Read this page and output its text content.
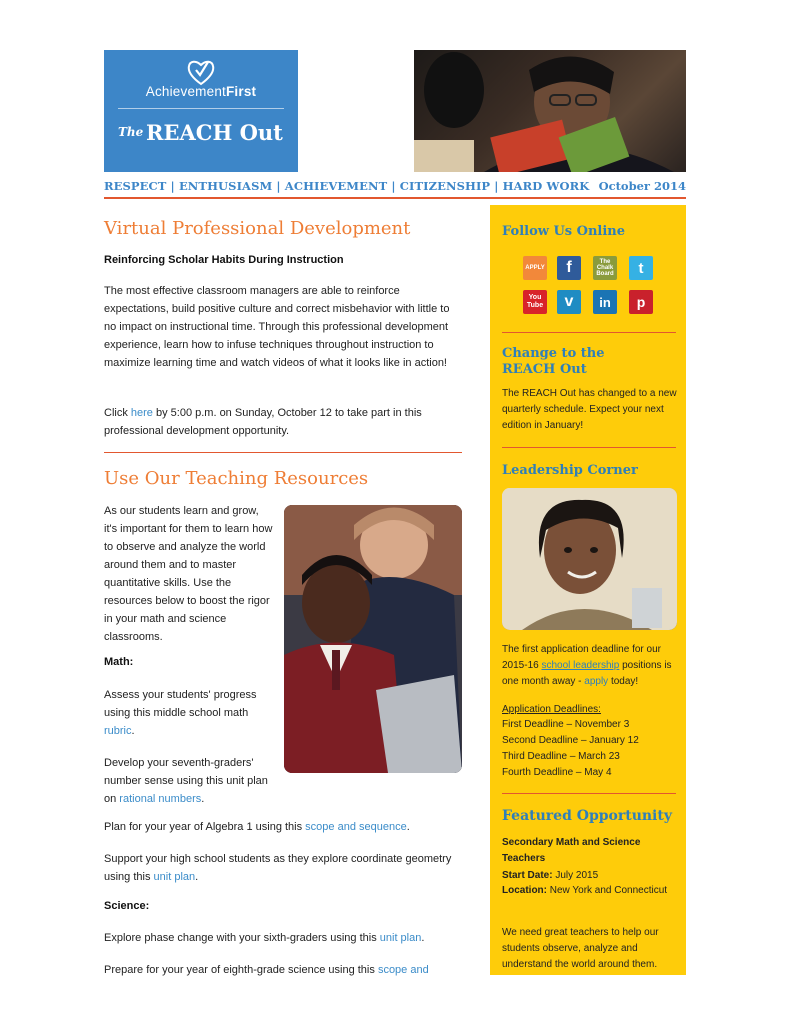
AchievementFirst
The REACH Out
RESPECT | ENTHUSIASM | ACHIEVEMENT | CITIZENSHIP | HARD WORK October 2014
Virtual Professional Development
Reinforcing Scholar Habits During Instruction
The most effective classroom managers are able to reinforce expectations, build positive culture and correct misbehavior with little to no impact on instructional time. Through this professional development experience, learn how to infuse techniques throughout instruction to maximize learning time and watch videos of what it looks like in action!
Click here by 5:00 p.m. on Sunday, October 12 to take part in this professional development opportunity.
Use Our Teaching Resources
As our students learn and grow, it's important for them to learn how to observe and analyze the world around them and to master quantitative skills. Use the resources below to boost the rigor in your math and science classrooms.
Math:
Assess your students' progress using this middle school math rubric.
Develop your seventh-graders' number sense using this unit plan on rational numbers.
Plan for your year of Algebra 1 using this scope and sequence.
Support your high school students as they explore coordinate geometry using this unit plan.
Science:
Explore phase change with your sixth-graders using this unit plan.
Prepare for your year of eighth-grade science using this scope and
Follow Us Online
APPLY	f	The Chalk Board	t
You Tube	v	in	p
Change to the
REACH Out
The REACH Out has changed to a new quarterly schedule. Expect your next edition in January!
Leadership Corner
The first application deadline for our 2015-16 school leadership positions is one month away - apply today!
Application Deadlines:
First Deadline – November 3
Second Deadline – January 12
Third Deadline – March 23
Fourth Deadline – May 4
Featured Opportunity
Secondary Math and Science Teachers
Start Date: July 2015
Location: New York and Connecticut
We need great teachers to help our students observe, analyze and understand the world around them.
